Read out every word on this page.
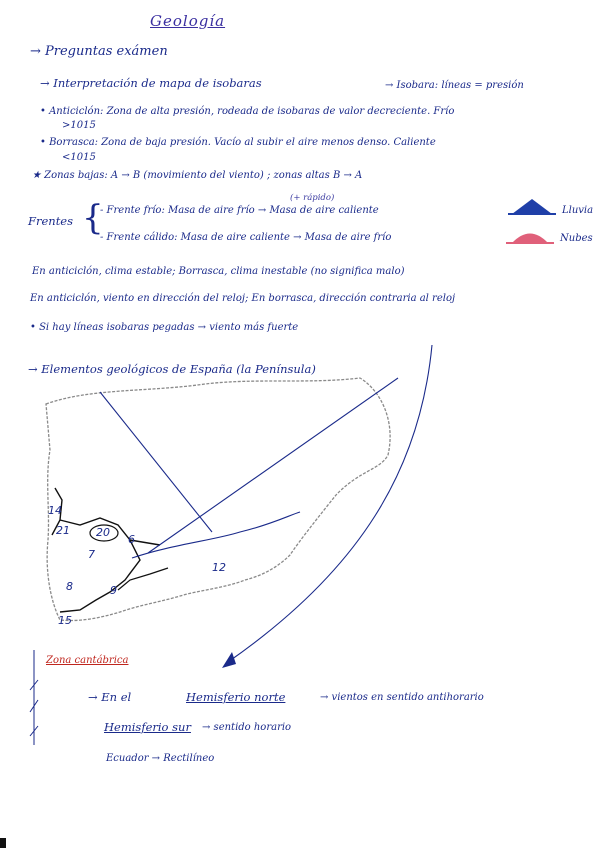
Geología
→ Preguntas exámen
→ Interpretación de mapa de isobaras	→ Isobara: líneas = presión
• Anticiclón: Zona de alta presión, rodeada de isobaras de valor decreciente. Frío
>1015
• Borrasca: Zona de baja presión. Vacío al subir el aire menos denso. Caliente
<1015
★ Zonas bajas: A → B (movimiento del viento) ; zonas altas B → A
Frentes {	(+ rápido)
- Frente frío: Masa de aire frío → Masa de aire caliente
- Frente cálido: Masa de aire caliente → Masa de aire frío
Lluvia
Nubes
En anticiclón, clima estable; Borrasca, clima inestable (no significa malo)
En anticiclón, viento en dirección del reloj; En borrasca, dirección contraria al reloj
• Si hay líneas isobaras pegadas → viento más fuerte
→ Elementos geológicos de España (la Península)
14
21 20
6
7
8
12
15
9
Zona cantábrica
→ En el	Hemisferio norte	→ vientos en sentido antihorario
Hemisferio sur → sentido horario
Ecuador → Rectilíneo
